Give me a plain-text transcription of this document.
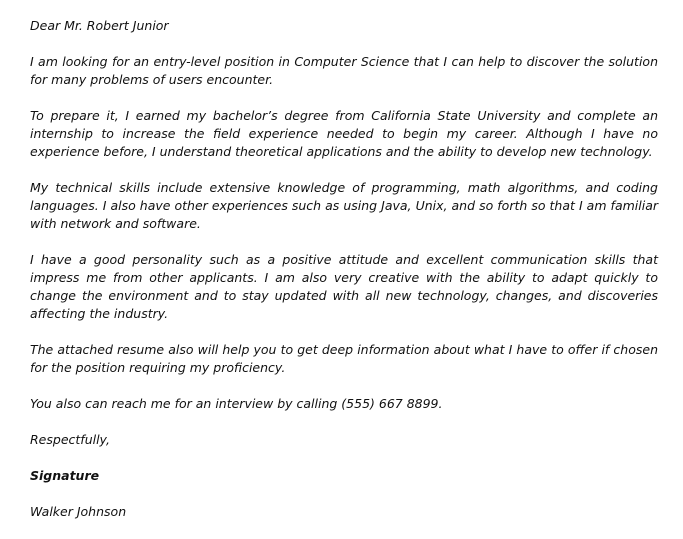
Dear Mr. Robert Junior

I am looking for an entry-level position in Computer Science that I can help to discover the solution for many problems of users encounter.

To prepare it, I earned my bachelor’s degree from California State University and complete an internship to increase the field experience needed to begin my career. Although I have no experience before, I understand theoretical applications and the ability to develop new technology.

My technical skills include extensive knowledge of programming, math algorithms, and coding languages. I also have other experiences such as using Java, Unix, and so forth so that I am familiar with network and software.

I have a good personality such as a positive attitude and excellent communication skills that impress me from other applicants. I am also very creative with the ability to adapt quickly to change the environment and to stay updated with all new technology, changes, and discoveries affecting the industry.

The attached resume also will help you to get deep information about what I have to offer if chosen for the position requiring my proficiency.

You also can reach me for an interview by calling (555) 667 8899.

Respectfully,

Signature

Walker Johnson
